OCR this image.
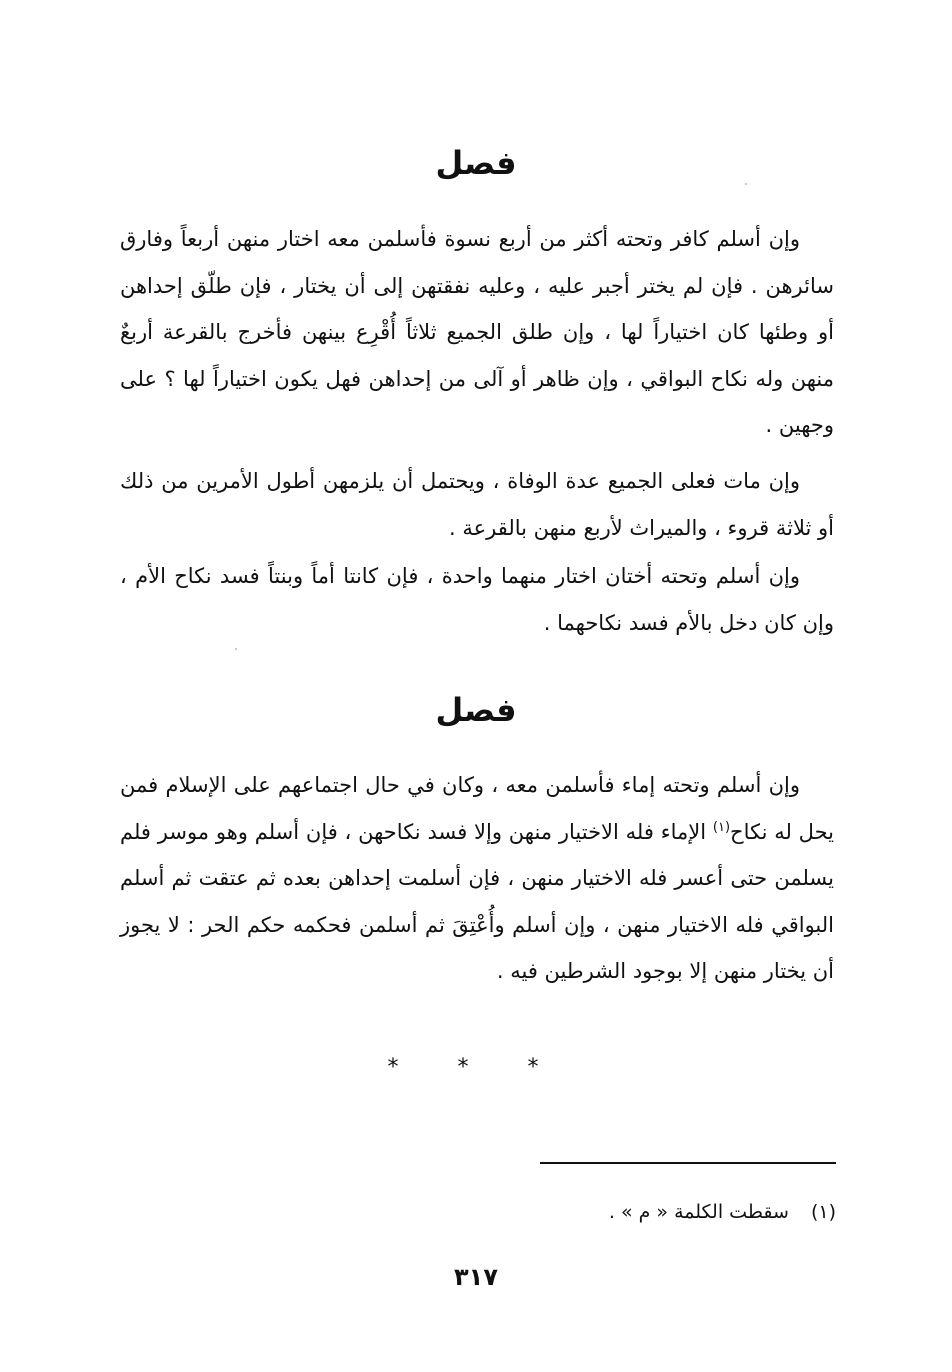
فصل

وإن أسلم كافر وتحته أكثر من أربع نسوة فأسلمن معه اختار منهن أربعاً وفارق سائرهن . فإن لم يختر أجبر عليه ، وعليه نفقتهن إلى أن يختار ، فإن طلّق إحداهن أو وطئها كان اختياراً لها ، وإن طلق الجميع ثلاثاً أُقْرِع بينهن فأخرج بالقرعة أربعٌ منهن وله نكاح البواقي ، وإن ظاهر أو آلى من إحداهن فهل يكون اختياراً لها ؟ على وجهين .

وإن مات فعلى الجميع عدة الوفاة ، ويحتمل أن يلزمهن أطول الأمرين من ذلك أو ثلاثة قروء ، والميراث لأربع منهن بالقرعة .

وإن أسلم وتحته أختان اختار منهما واحدة ، فإن كانتا أماً وبنتاً فسد نكاح الأم ، وإن كان دخل بالأم فسد نكاحهما .

فصل

وإن أسلم وتحته إماء فأسلمن معه ، وكان في حال اجتماعهم على الإسلام فمن يحل له نكاح$^{(١)}$ الإماء فله الاختيار منهن وإلا فسد نكاحهن ، فإن أسلم وهو موسر فلم يسلمن حتى أعسر فله الاختيار منهن ، فإن أسلمت إحداهن بعده ثم عتقت ثم أسلم البواقي فله الاختيار منهن ، وإن أسلم وأُعْتِقَ ثم أسلمن فحكمه حكم الحر : لا يجوز أن يختار منهن إلا بوجود الشرطين فيه .

* * *
(١)سقطت الكلمة « م » .
٣١٧
